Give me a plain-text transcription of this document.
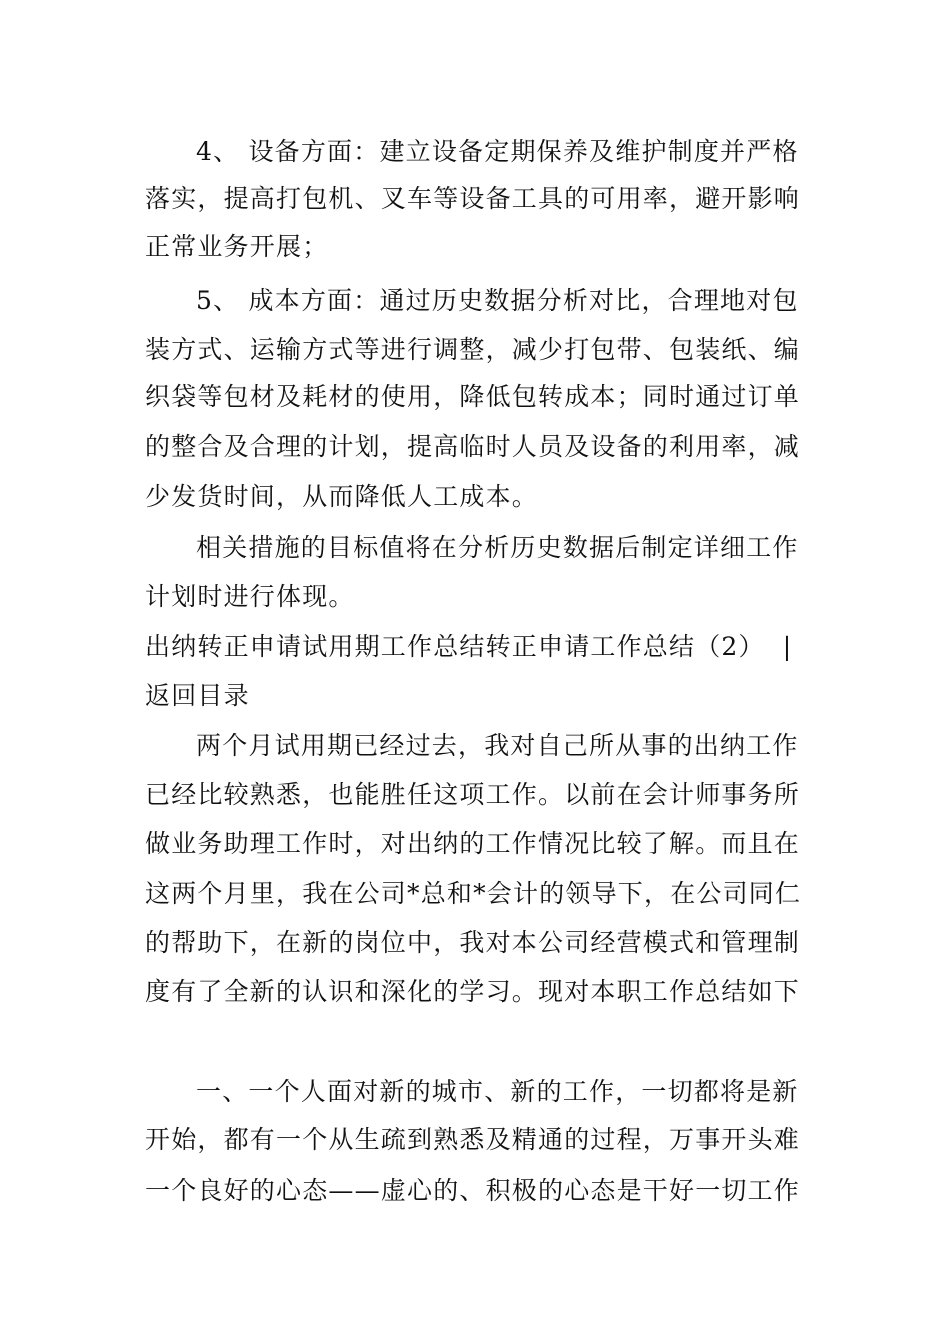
4、 设备方面：建立设备定期保养及维护制度并严格
落实，提高打包机、叉车等设备工具的可用率，避开影响
正常业务开展；
5、 成本方面：通过历史数据分析对比，合理地对包
装方式、运输方式等进行调整，减少打包带、包装纸、编
织袋等包材及耗材的使用，降低包转成本；同时通过订单
的整合及合理的计划，提高临时人员及设备的利用率，减
少发货时间，从而降低人工成本。
相关措施的目标值将在分析历史数据后制定详细工作
计划时进行体现。
出纳转正申请试用期工作总结转正申请工作总结（2） |
返回目录
两个月试用期已经过去，我对自己所从事的出纳工作
已经比较熟悉，也能胜任这项工作。以前在会计师事务所
做业务助理工作时，对出纳的工作情况比较了解。而且在
这两个月里，我在公司*总和*会计的领导下，在公司同仁
的帮助下，在新的岗位中，我对本公司经营模式和管理制
度有了全新的认识和深化的学习。现对本职工作总结如下
一、一个人面对新的城市、新的工作，一切都将是新
开始，都有一个从生疏到熟悉及精通的过程，万事开头难
一个良好的心态——虚心的、积极的心态是干好一切工作
